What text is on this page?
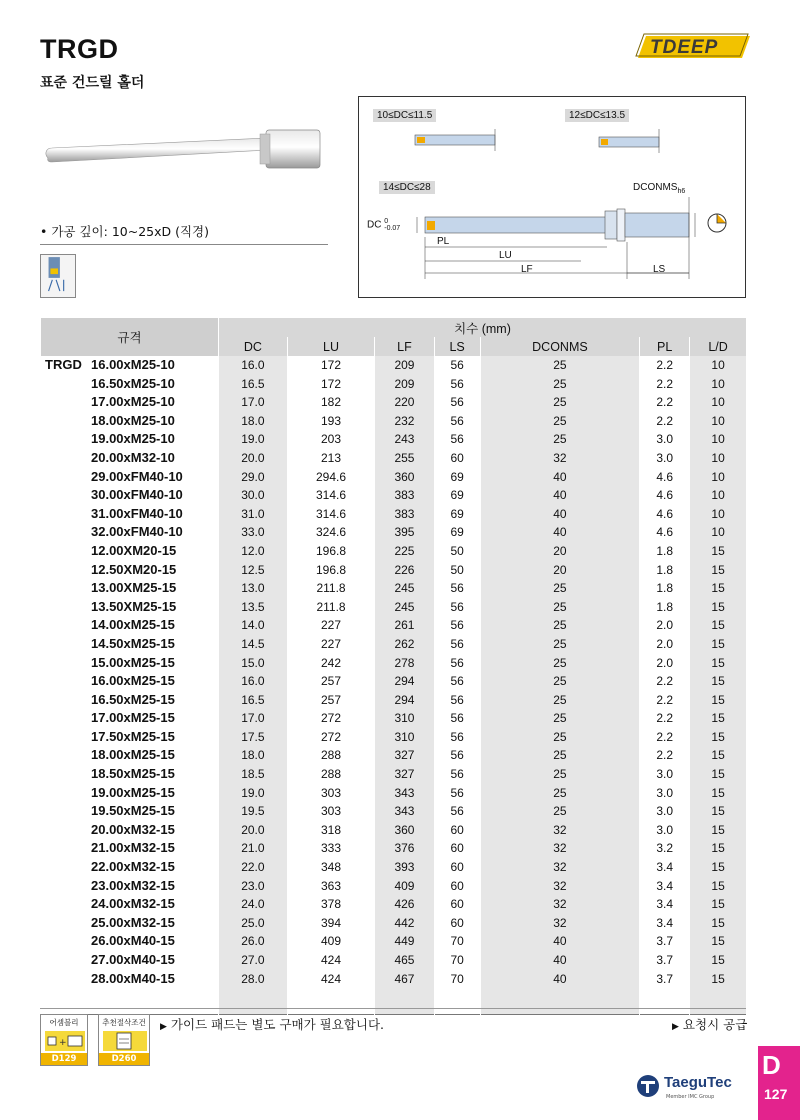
TRGD
표준 건드릴 홀더
TDEEP
• 가공 깊이: 10~25xD (직경)
10≤DC≤11.5	12≤DC≤13.5
14≤DC≤28	$DCONMS_{h6}$
DC 0
-0.07
PL
LU
LF	LS
규격	치수 (mm)						
	DC	LU	LF	LS	DCONMS	PL	L/D
TRGD 16.00xM25-10	16.0	172	209	56	25	2.2	10
16.50xM25-10	16.5	172	209	56	25	2.2	10
17.00xM25-10	17.0	182	220	56	25	2.2	10
18.00xM25-10	18.0	193	232	56	25	2.2	10
19.00xM25-10	19.0	203	243	56	25	3.0	10
20.00xM32-10	20.0	213	255	60	32	3.0	10
29.00xFM40-10	29.0	294.6	360	69	40	4.6	10
30.00xFM40-10	30.0	314.6	383	69	40	4.6	10
31.00xFM40-10	31.0	314.6	383	69	40	4.6	10
32.00xFM40-10	33.0	324.6	395	69	40	4.6	10
12.00XM20-15	12.0	196.8	225	50	20	1.8	15
12.50XM20-15	12.5	196.8	226	50	20	1.8	15
13.00XM25-15	13.0	211.8	245	56	25	1.8	15
13.50XM25-15	13.5	211.8	245	56	25	1.8	15
14.00xM25-15	14.0	227	261	56	25	2.0	15
14.50xM25-15	14.5	227	262	56	25	2.0	15
15.00xM25-15	15.0	242	278	56	25	2.0	15
16.00xM25-15	16.0	257	294	56	25	2.2	15
16.50xM25-15	16.5	257	294	56	25	2.2	15
17.00xM25-15	17.0	272	310	56	25	2.2	15
17.50xM25-15	17.5	272	310	56	25	2.2	15
18.00xM25-15	18.0	288	327	56	25	2.2	15
18.50xM25-15	18.5	288	327	56	25	3.0	15
19.00xM25-15	19.0	303	343	56	25	3.0	15
19.50xM25-15	19.5	303	343	56	25	3.0	15
20.00xM32-15	20.0	318	360	60	32	3.0	15
21.00xM32-15	21.0	333	376	60	32	3.2	15
22.00xM32-15	22.0	348	393	60	32	3.4	15
23.00xM32-15	23.0	363	409	60	32	3.4	15
24.00xM32-15	24.0	378	426	60	32	3.4	15
25.00xM32-15	25.0	394	442	60	32	3.4	15
26.00xM40-15	26.0	409	449	70	40	3.7	15
27.00xM40-15	27.0	424	465	70	40	3.7	15
28.00xM40-15	28.0	424	467	70	40	3.7	15

어셈블리
+
D129
추천절삭조건
D260
▶ 가이드 패드는 별도 구매가 필요합니다.	▶ 요청시 공급
TaeguTec
Member IMC Group
D
127
